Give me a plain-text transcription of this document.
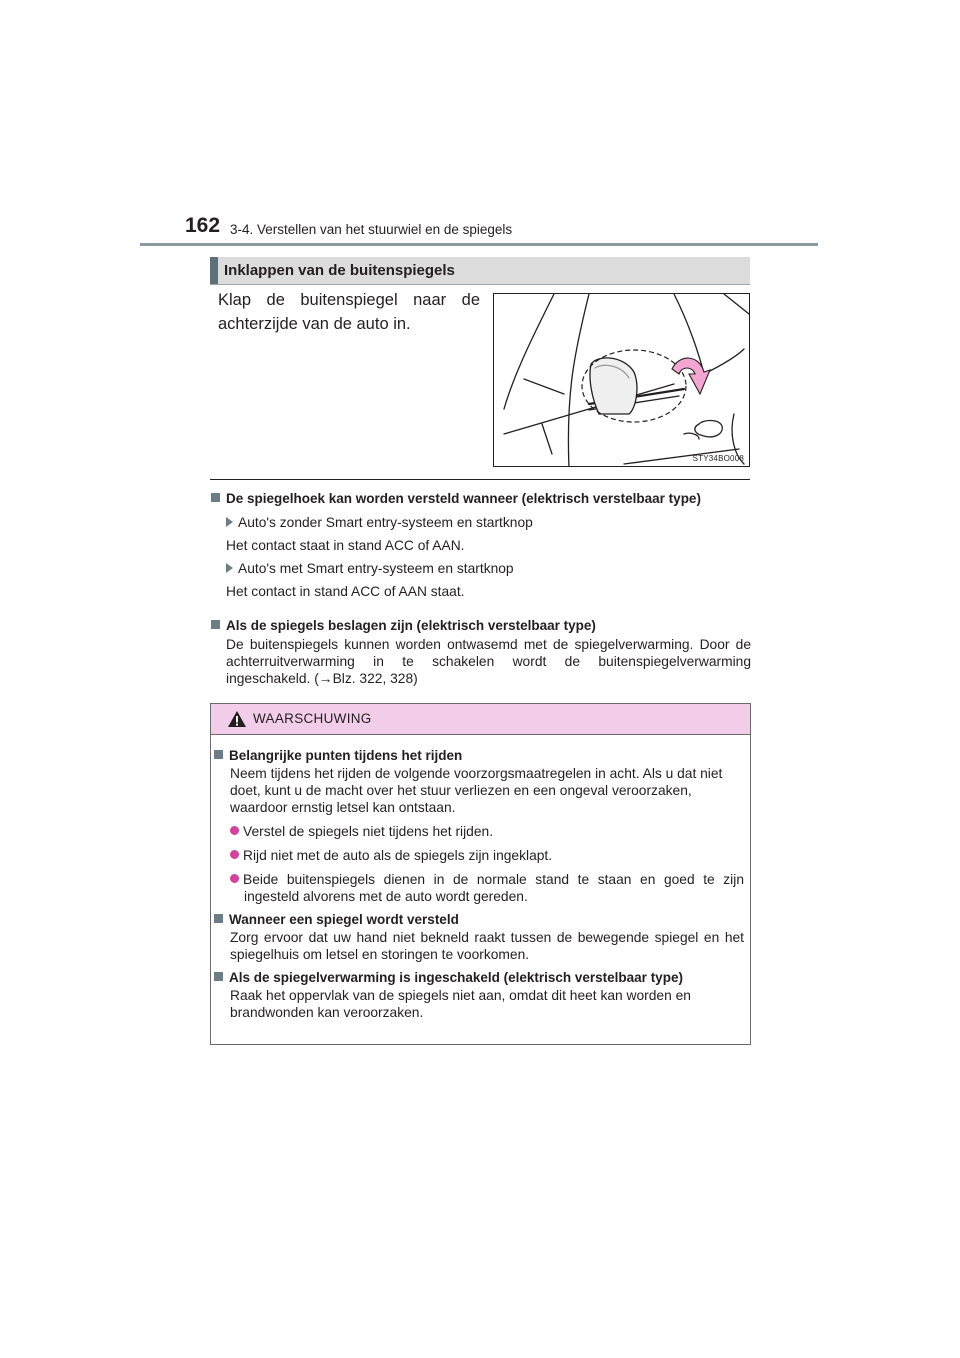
162 3-4. Verstellen van het stuurwiel en de spiegels
Inklappen van de buitenspiegels
Klap de buitenspiegel naar de achterzijde van de auto in.
STY34BO008
De spiegelhoek kan worden versteld wanneer (elektrisch verstelbaar type)
Auto's zonder Smart entry-systeem en startknop
Het contact staat in stand ACC of AAN.
Auto's met Smart entry-systeem en startknop
Het contact in stand ACC of AAN staat.
Als de spiegels beslagen zijn (elektrisch verstelbaar type)
De buitenspiegels kunnen worden ontwasemd met de spiegelverwarming. Door de achterruitverwarming in te schakelen wordt de buitenspiegelverwarming ingeschakeld. (→Blz. 322, 328)
WAARSCHUWING
Belangrijke punten tijdens het rijden
Neem tijdens het rijden de volgende voorzorgsmaatregelen in acht. Als u dat niet doet, kunt u de macht over het stuur verliezen en een ongeval veroorzaken, waardoor ernstig letsel kan ontstaan.
Verstel de spiegels niet tijdens het rijden.
Rijd niet met de auto als de spiegels zijn ingeklapt.
Beide buitenspiegels dienen in de normale stand te staan en goed te zijn ingesteld alvorens met de auto wordt gereden.
Wanneer een spiegel wordt versteld
Zorg ervoor dat uw hand niet bekneld raakt tussen de bewegende spiegel en het spiegelhuis om letsel en storingen te voorkomen.
Als de spiegelverwarming is ingeschakeld (elektrisch verstelbaar type)
Raak het oppervlak van de spiegels niet aan, omdat dit heet kan worden en brandwonden kan veroorzaken.
